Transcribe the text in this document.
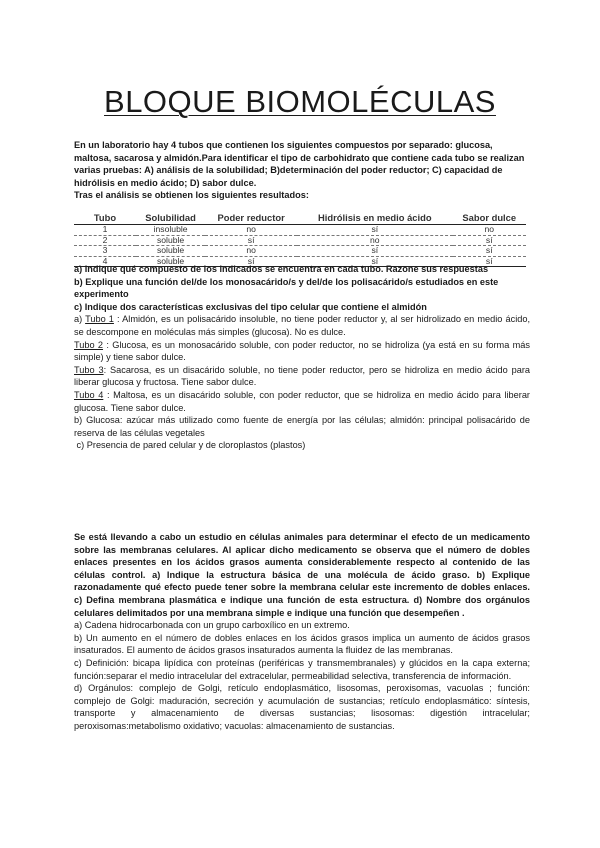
BLOQUE BIOMOLÉCULAS

En un laboratorio hay 4 tubos que contienen los siguientes compuestos por separado: glucosa, maltosa, sacarosa y almidón.Para identificar el tipo de carbohidrato que contiene cada tubo se realizan varias pruebas: A) análisis de la solubilidad; B)determinación del poder reductor; C) capacidad de hidrólisis en medio ácido; D) sabor dulce.

Tras el análisis se obtienen los siguientes resultados:

Tubo	Solubilidad	Poder reductor	Hidrólisis en medio ácido	Sabor dulce
1	insoluble	no	sí	no
2	soluble	sí	no	sí
3	soluble	no	sí	sí
4	soluble	sí	sí	sí

a) Indique qué compuesto de los indicados se encuentra en cada tubo. Razone sus respuestas

b) Explique una función del/de los monosacárido/s y del/de los polisacárido/s estudiados en este experimento

c) Indique dos características exclusivas del tipo celular que contiene el almidón

a) Tubo 1 : Almidón, es un polisacárido insoluble, no tiene poder reductor y, al ser hidrolizado en medio ácido, se descompone en moléculas más simples (glucosa). No es dulce.

Tubo 2 : Glucosa, es un monosacárido soluble, con poder reductor, no se hidroliza (ya está en su forma más simple) y tiene sabor dulce.

Tubo 3: Sacarosa, es un disacárido soluble, no tiene poder reductor, pero se hidroliza en medio ácido para liberar glucosa y fructosa. Tiene sabor dulce.

Tubo 4 : Maltosa, es un disacárido soluble, con poder reductor, que se hidroliza en medio ácido para liberar glucosa. Tiene sabor dulce.

b) Glucosa: azúcar más utilizado como fuente de energía por las células; almidón: principal polisacárido de reserva de las células vegetales

c) Presencia de pared celular y de cloroplastos (plastos)

Se está llevando a cabo un estudio en células animales para determinar el efecto de un medicamento sobre las membranas celulares. Al aplicar dicho medicamento se observa que el número de dobles enlaces presentes en los ácidos grasos aumenta considerablemente respecto al contenido de las células control. a) Indique la estructura básica de una molécula de ácido graso. b) Explique razonadamente qué efecto puede tener sobre la membrana celular este incremento de dobles enlaces. c) Defina membrana plasmática e indique una función de esta estructura. d) Nombre dos orgánulos celulares delimitados por una membrana simple e indique una función que desempeñen .

a) Cadena hidrocarbonada con un grupo carboxílico en un extremo.

b) Un aumento en el número de dobles enlaces en los ácidos grasos implica un aumento de ácidos grasos insaturados. El aumento de ácidos grasos insaturados aumenta la fluidez de las membranas.

c) Definición: bicapa lipídica con proteínas (periféricas y transmembranales) y glúcidos en la capa externa; función:separar el medio intracelular del extracelular, permeabilidad selectiva, transferencia de información.

d) Orgánulos: complejo de Golgi, retículo endoplasmático, lisosomas, peroxisomas, vacuolas ; función: complejo de Golgi: maduración, secreción y acumulación de sustancias; retículo endoplasmático: síntesis, transporte y almacenamiento de diversas sustancias; lisosomas: digestión intracelular; peroxisomas:metabolismo oxidativo; vacuolas: almacenamiento de sustancias.
